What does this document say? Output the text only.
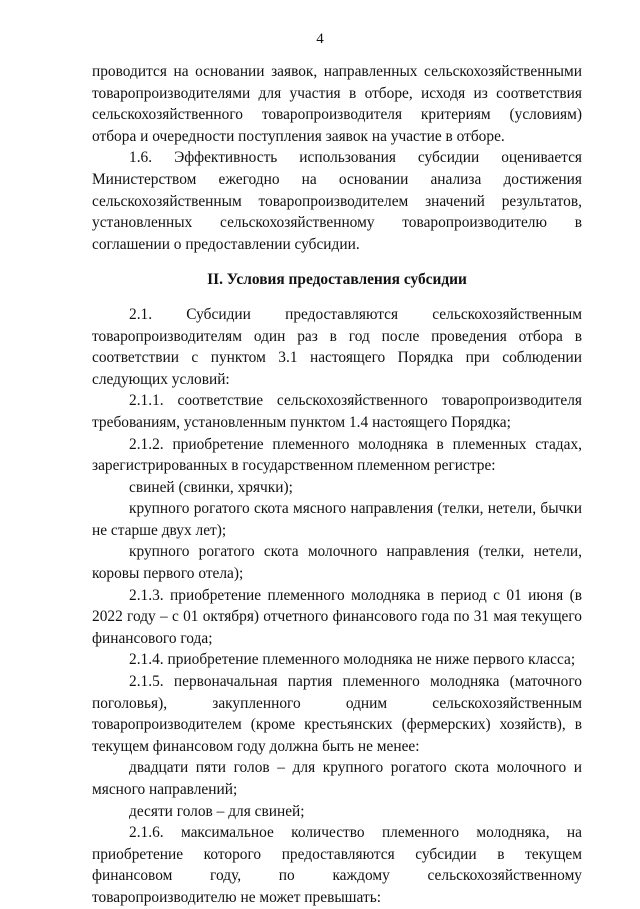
4

проводится на основании заявок, направленных сельскохозяйственными товаропроизводителями для участия в отборе, исходя из соответствия сельскохозяйственного товаропроизводителя критериям (условиям) отбора и очередности поступления заявок на участие в отборе.

1.6. Эффективность использования субсидии оценивается Министерством ежегодно на основании анализа достижения сельскохозяйственным товаропроизводителем значений результатов, установленных сельскохозяйственному товаропроизводителю в соглашении о предоставлении субсидии.

II. Условия предоставления субсидии

2.1. Субсидии предоставляются сельскохозяйственным товаропроизводителям один раз в год после проведения отбора в соответствии с пунктом 3.1 настоящего Порядка при соблюдении следующих условий:

2.1.1. соответствие сельскохозяйственного товаропроизводителя требованиям, установленным пунктом 1.4 настоящего Порядка;

2.1.2. приобретение племенного молодняка в племенных стадах, зарегистрированных в государственном племенном регистре:

свиней (свинки, хрячки);

крупного рогатого скота мясного направления (телки, нетели, бычки не старше двух лет);

крупного рогатого скота молочного направления (телки, нетели, коровы первого отела);

2.1.3. приобретение племенного молодняка в период с 01 июня (в 2022 году – с 01 октября) отчетного финансового года по 31 мая текущего финансового года;

2.1.4. приобретение племенного молодняка не ниже первого класса;

2.1.5. первоначальная партия племенного молодняка (маточного поголовья), закупленного одним сельскохозяйственным товаропроизводителем (кроме крестьянских (фермерских) хозяйств), в текущем финансовом году должна быть не менее:

двадцати пяти голов – для крупного рогатого скота молочного и мясного направлений;

десяти голов – для свиней;

2.1.6. максимальное количество племенного молодняка, на приобретение которого предоставляются субсидии в текущем финансовом году, по каждому сельскохозяйственному товаропроизводителю не может превышать:
